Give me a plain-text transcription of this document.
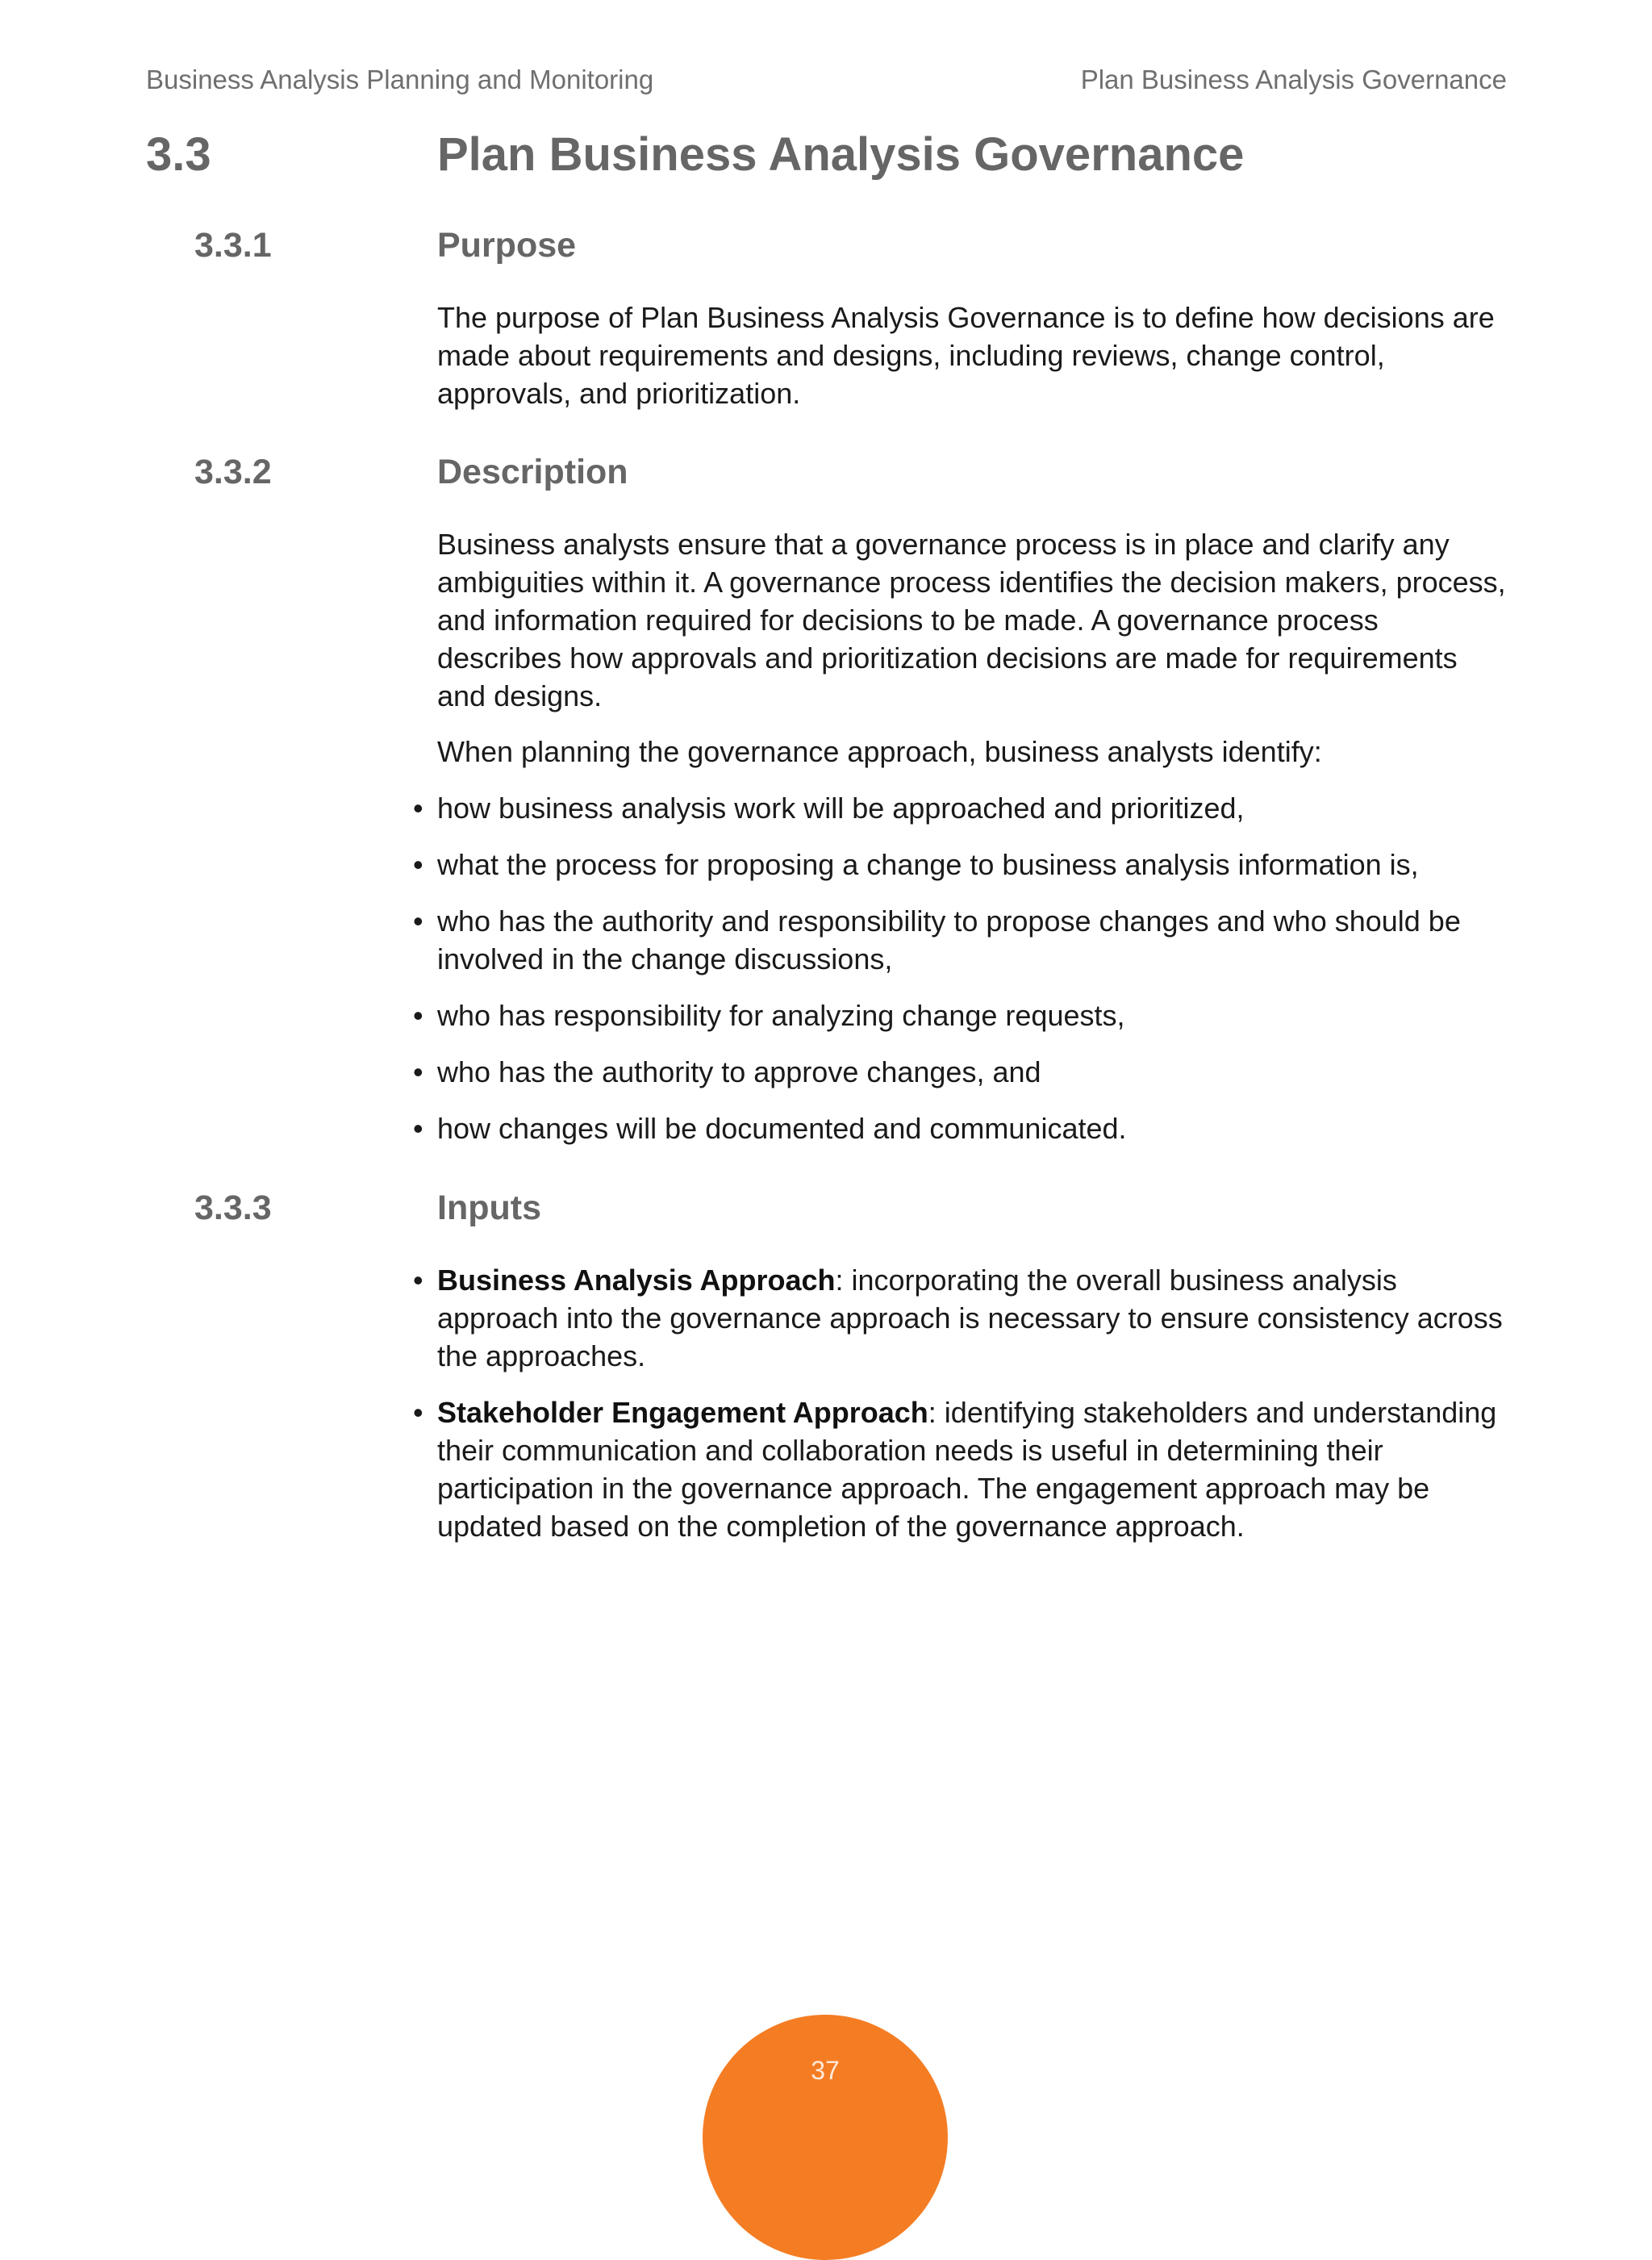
Business Analysis Planning and Monitoring	Plan Business Analysis Governance
3.3	Plan Business Analysis Governance
3.3.1	Purpose

The purpose of Plan Business Analysis Governance is to define how decisions are made about requirements and designs, including reviews, change control, approvals, and prioritization.

3.3.2	Description

Business analysts ensure that a governance process is in place and clarify any ambiguities within it. A governance process identifies the decision makers, process, and information required for decisions to be made. A governance process describes how approvals and prioritization decisions are made for requirements and designs.

When planning the governance approach, business analysts identify:

• how business analysis work will be approached and prioritized,
• what the process for proposing a change to business analysis information is,
• who has the authority and responsibility to propose changes and who should be involved in the change discussions,
• who has responsibility for analyzing change requests,
• who has the authority to approve changes, and
• how changes will be documented and communicated.
3.3.3	Inputs
• Business Analysis Approach: incorporating the overall business analysis approach into the governance approach is necessary to ensure consistency across the approaches.
• Stakeholder Engagement Approach: identifying stakeholders and understanding their communication and collaboration needs is useful in determining their participation in the governance approach. The engagement approach may be updated based on the completion of the governance approach.
37
